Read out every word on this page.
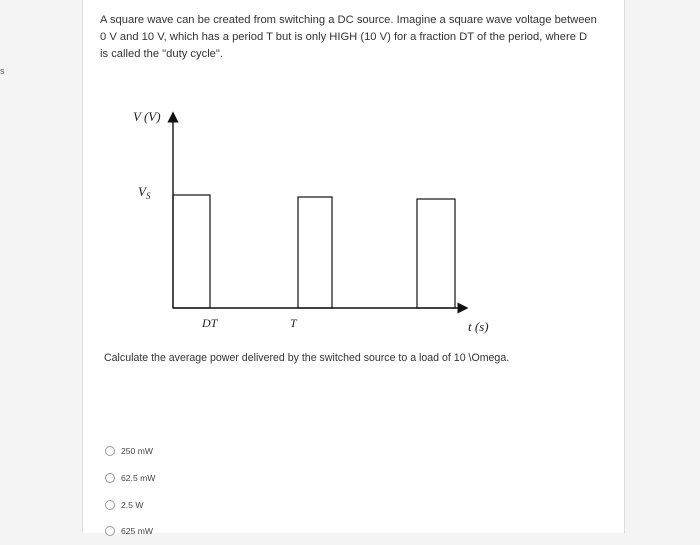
s

A square wave can be created from switching a DC source. Imagine a square wave voltage between 0 V and 10 V, which has a period T but is only HIGH (10 V) for a fraction DT of the period, where D is called the "duty cycle".

V (V)
$V_S$
DT	T	t (s)

Calculate the average power delivered by the switched source to a load of 10 \Omega.

250 mW
62.5 mW
2.5 W
625 mW
